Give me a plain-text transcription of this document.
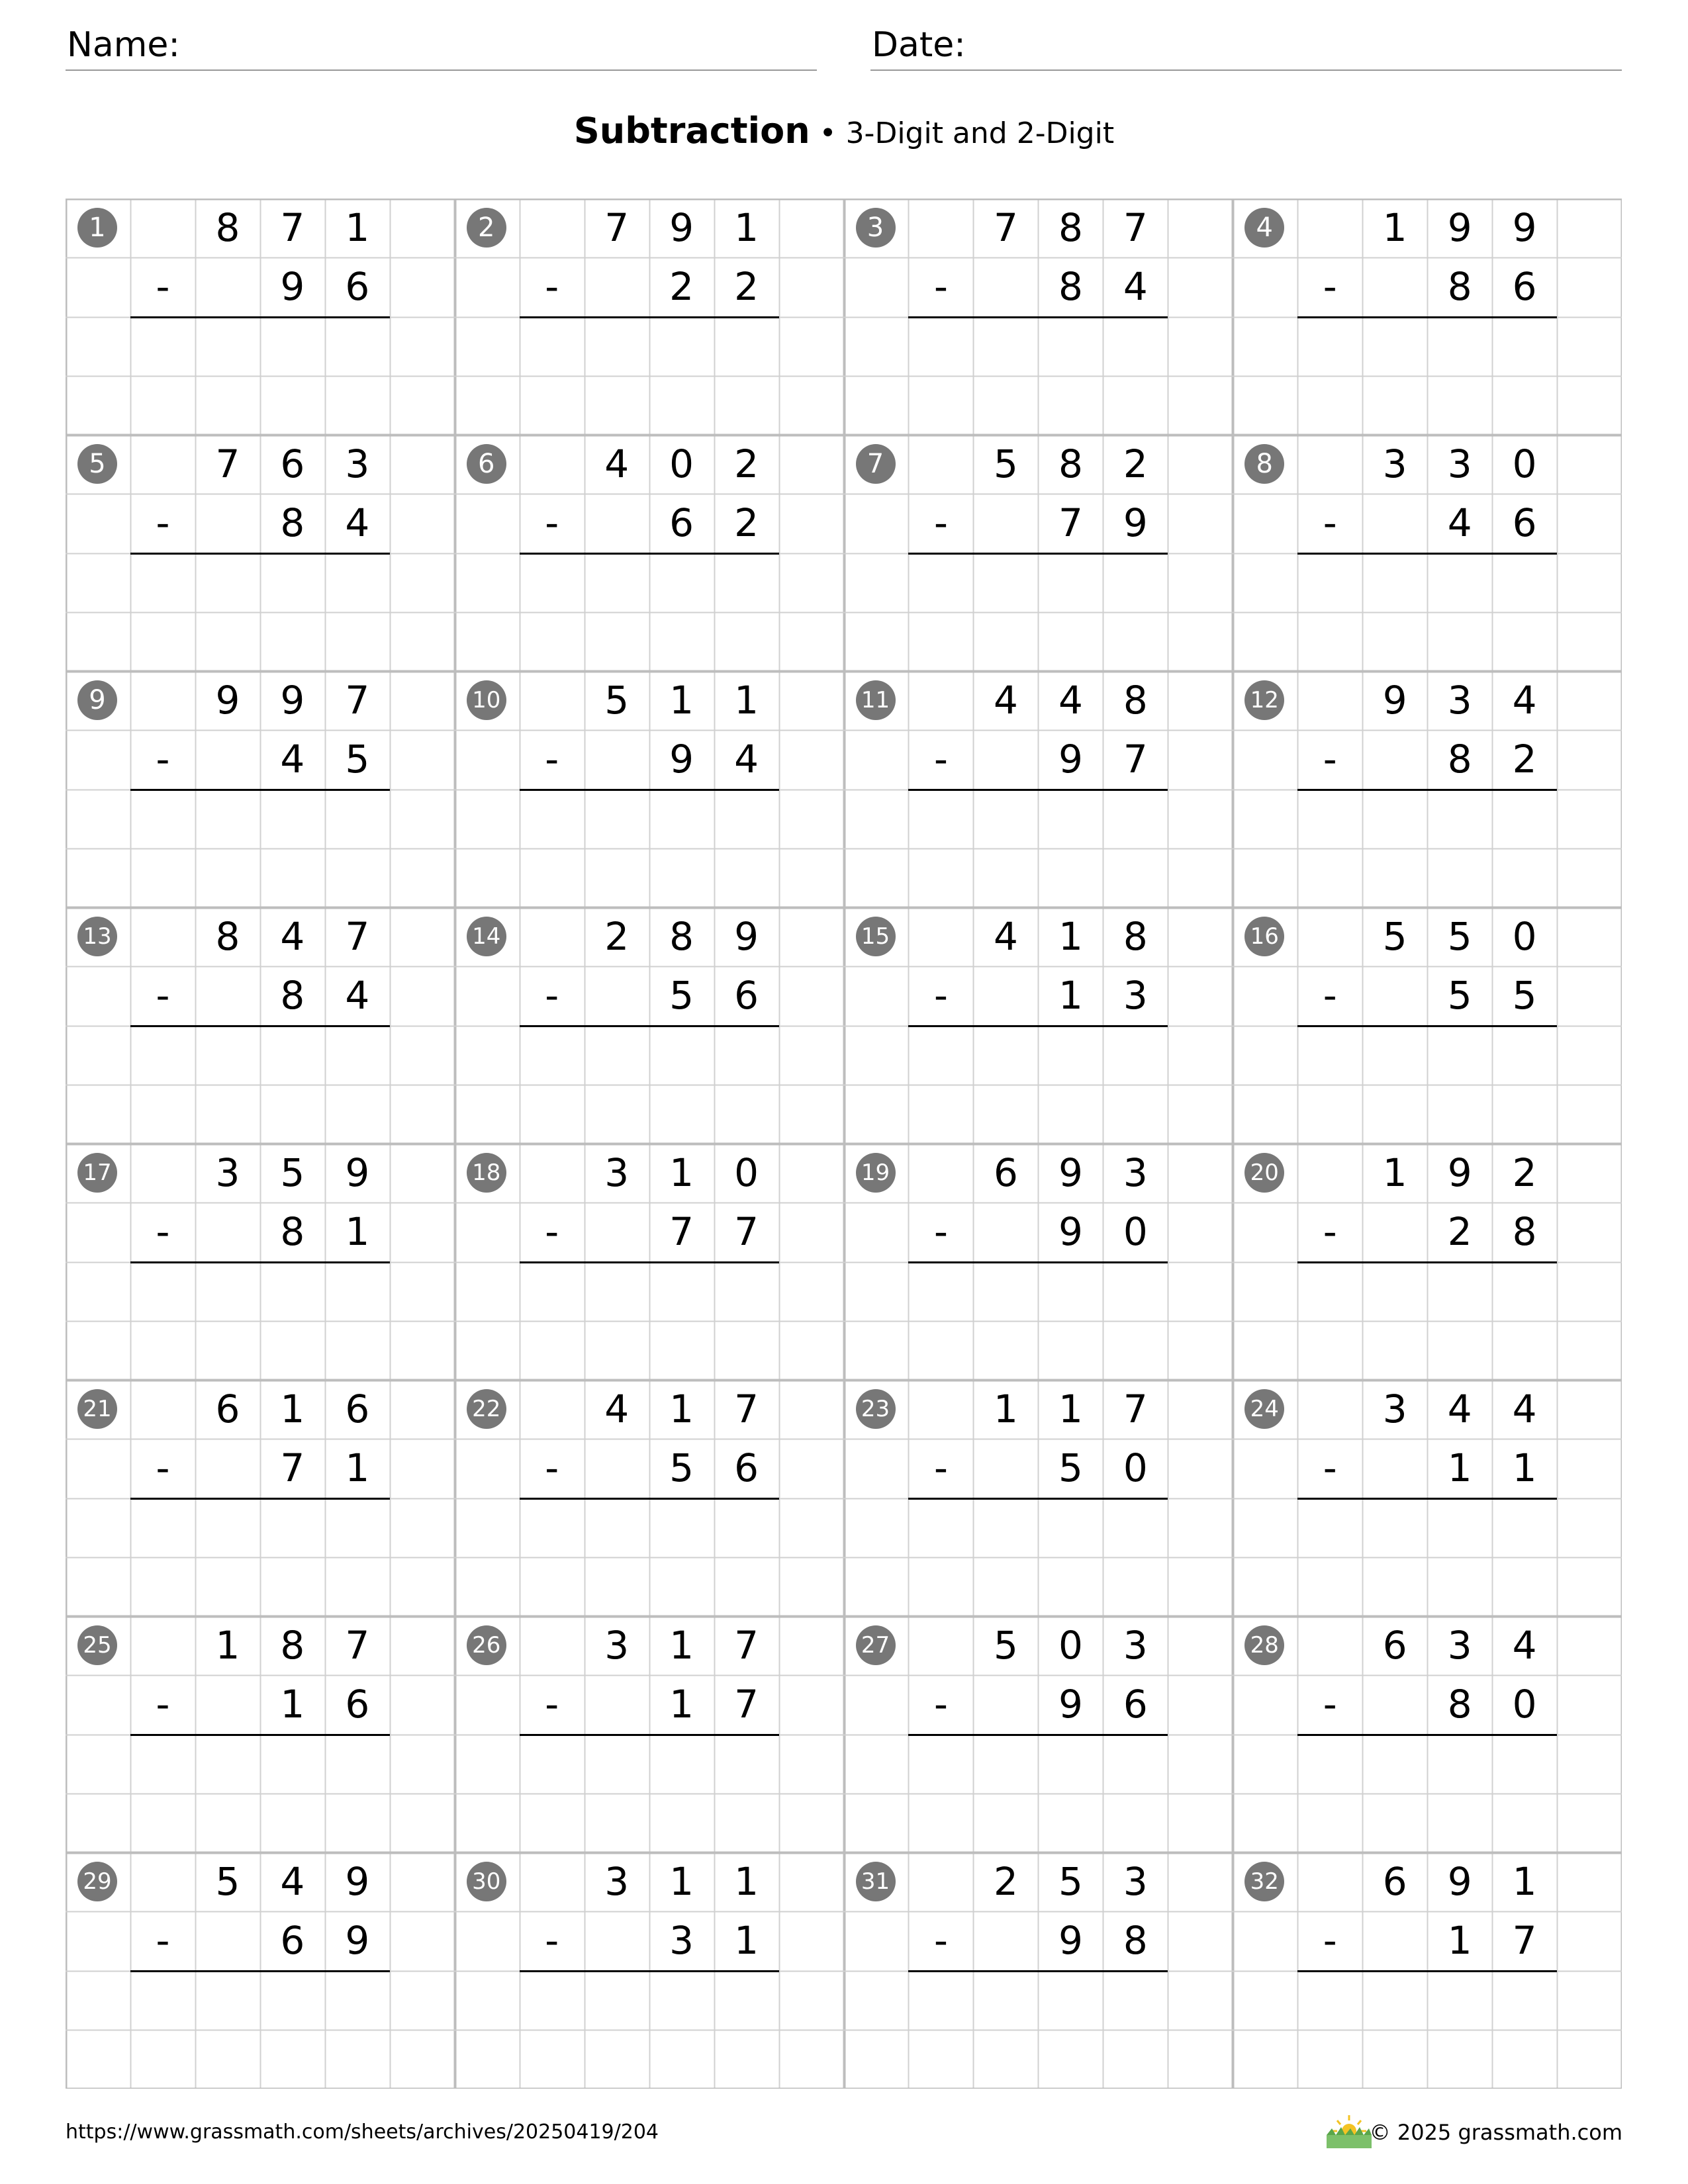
Name:	Date:
Subtraction • 3-Digit and 2-Digit
1	8	7	1
-	9	6
2	7	9	1
-	2	2
3	7	8	7
-	8	4
4	1	9	9
-	8	6
5	7	6	3
-	8	4
6	4	0	2
-	6	2
7	5	8	2
-	7	9
8	3	3	0
-	4	6
9	9	9	7
-	4	5
10	5	1	1
-	9	4
11	4	4	8
-	9	7
12	9	3	4
-	8	2
13	8	4	7
-	8	4
14	2	8	9
-	5	6
15	4	1	8
-	1	3
16	5	5	0
-	5	5
17	3	5	9
-	8	1
18	3	1	0
-	7	7
19	6	9	3
-	9	0
20	1	9	2
-	2	8
21	6	1	6
-	7	1
22	4	1	7
-	5	6
23	1	1	7
-	5	0
24	3	4	4
-	1	1
25	1	8	7
-	1	6
26	3	1	7
-	1	7
27	5	0	3
-	9	6
28	6	3	4
-	8	0
29	5	4	9
-	6	9
30	3	1	1
-	3	1
31	2	5	3
-	9	8
32	6	9	1
-	1	7
https://www.grassmath.com/sheets/archives/20250419/204	© 2025 grassmath.com
